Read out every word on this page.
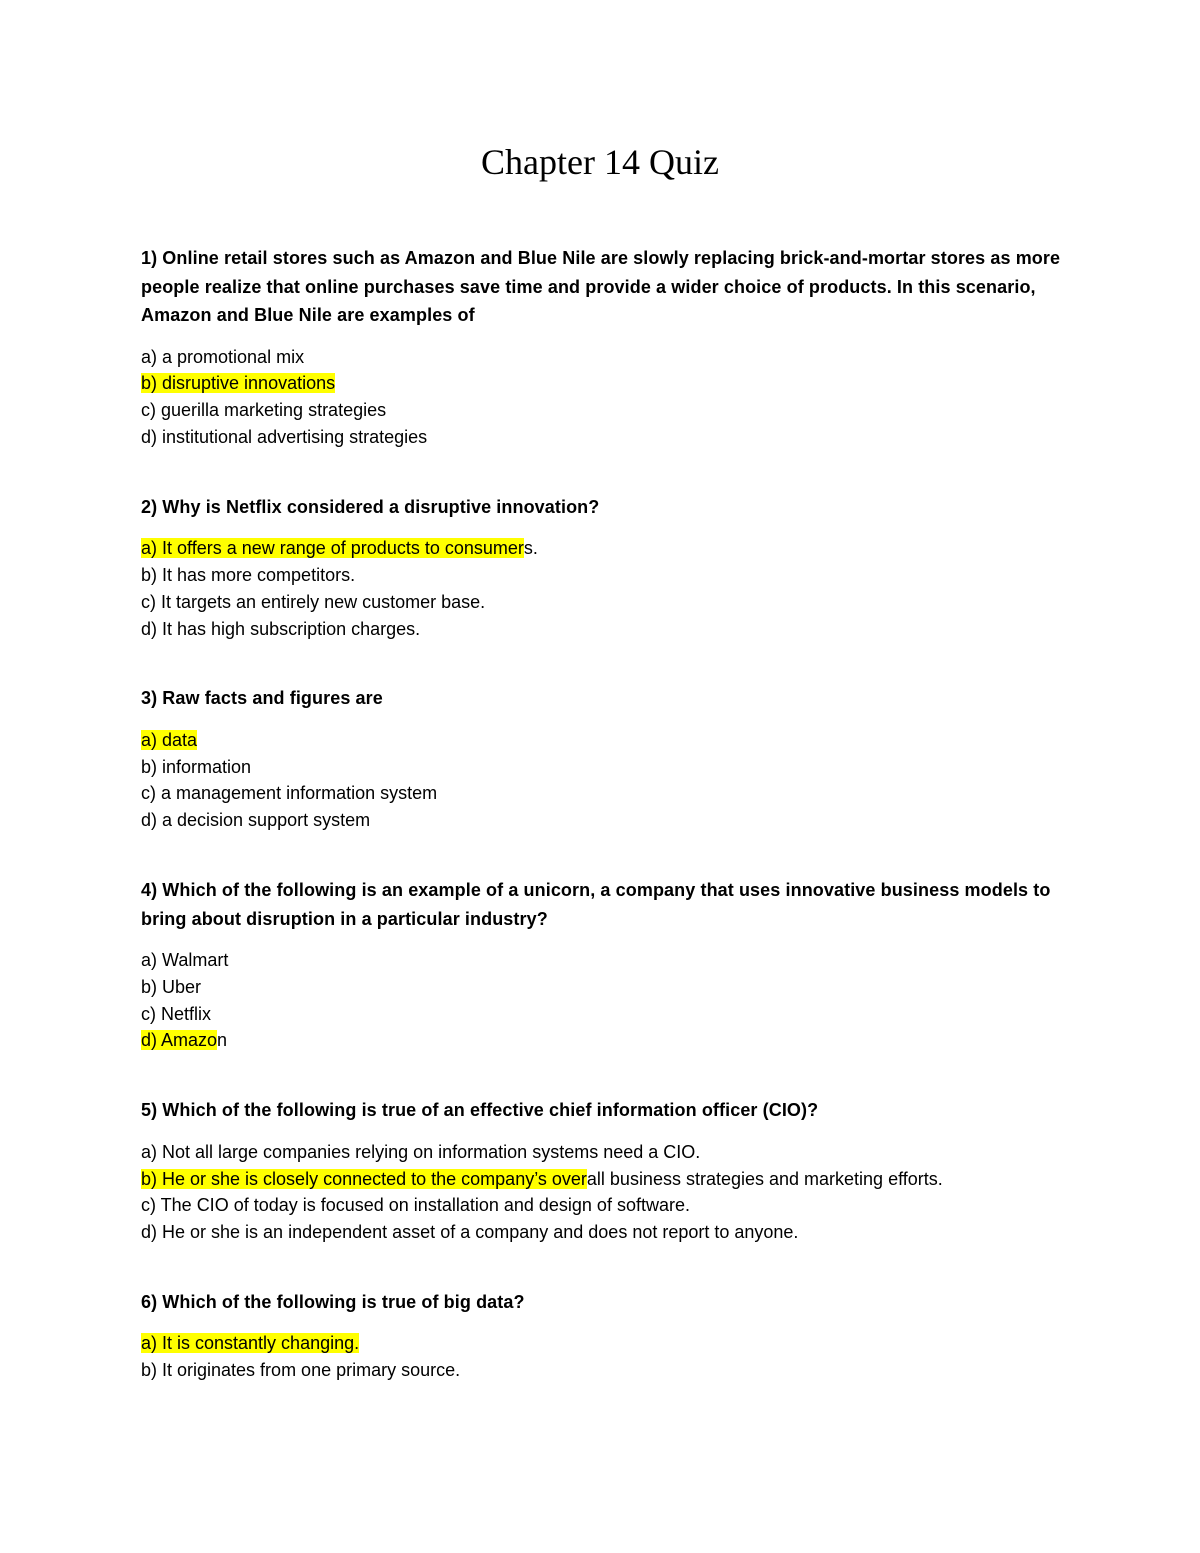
Chapter 14 Quiz

1) Online retail stores such as Amazon and Blue Nile are slowly replacing brick-and-mortar stores as more people realize that online purchases save time and provide a wider choice of products. In this scenario, Amazon and Blue Nile are examples of

a) a promotional mix
b) disruptive innovations
c) guerilla marketing strategies
d) institutional advertising strategies

2) Why is Netflix considered a disruptive innovation?

a) It offers a new range of products to consumers.
b) It has more competitors.
c) It targets an entirely new customer base.
d) It has high subscription charges.

3) Raw facts and figures are

a) data
b) information
c) a management information system
d) a decision support system

4) Which of the following is an example of a unicorn, a company that uses innovative business models to bring about disruption in a particular industry?

a) Walmart
b) Uber
c) Netflix
d) Amazon

5) Which of the following is true of an effective chief information officer (CIO)?

a) Not all large companies relying on information systems need a CIO.
b) He or she is closely connected to the company’s overall business strategies and marketing efforts.
c) The CIO of today is focused on installation and design of software.
d) He or she is an independent asset of a company and does not report to anyone.

6) Which of the following is true of big data?

a) It is constantly changing.
b) It originates from one primary source.
